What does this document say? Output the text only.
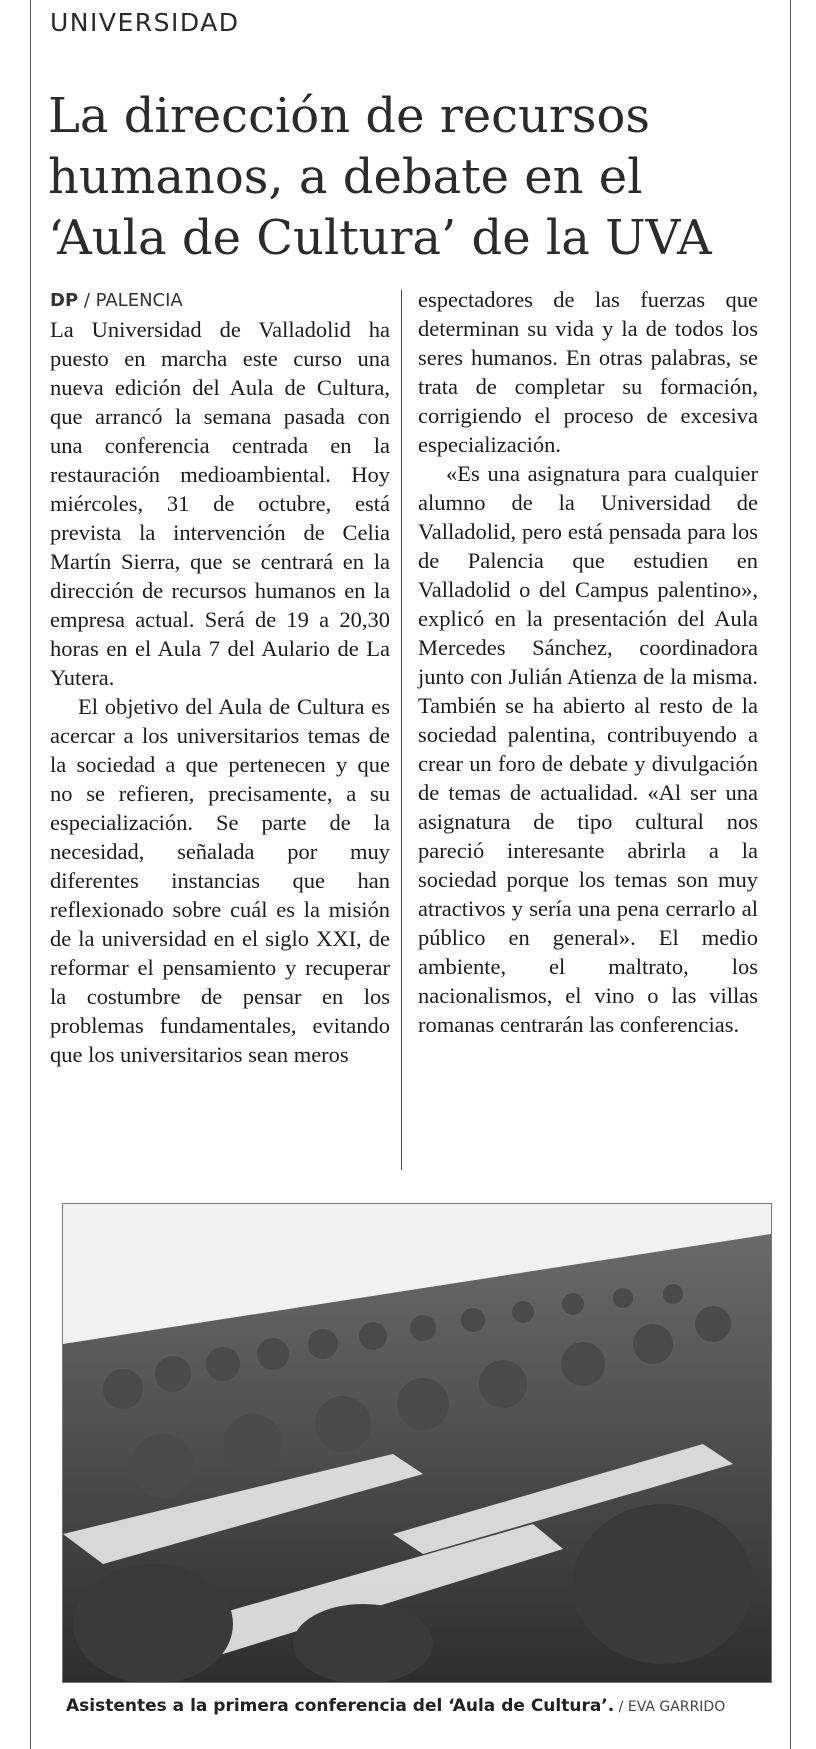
UNIVERSIDAD
La dirección de recursos humanos, a debate en el ‘Aula de Cultura’ de la UVA
DP / PALENCIA

La Universidad de Valladolid ha puesto en marcha este curso una nueva edición del Aula de Cultura, que arrancó la semana pasada con una conferencia centrada en la restauración medioambiental. Hoy miércoles, 31 de octubre, está prevista la intervención de Celia Martín Sierra, que se centrará en la dirección de recursos humanos en la empresa actual. Será de 19 a 20,30 horas en el Aula 7 del Aulario de La Yutera.

El objetivo del Aula de Cultura es acercar a los universitarios temas de la sociedad a que pertenecen y que no se refieren, precisamente, a su especialización. Se parte de la necesidad, señalada por muy diferentes instancias que han reflexionado sobre cuál es la misión de la universidad en el siglo XXI, de reformar el pensamiento y recuperar la costumbre de pensar en los problemas fundamentales, evitando que los universitarios sean meros

espectadores de las fuerzas que determinan su vida y la de todos los seres humanos. En otras palabras, se trata de completar su formación, corrigiendo el proceso de excesiva especialización.

«Es una asignatura para cualquier alumno de la Universidad de Valladolid, pero está pensada para los de Palencia que estudien en Valladolid o del Campus palentino», explicó en la presentación del Aula Mercedes Sánchez, coordinadora junto con Julián Atienza de la misma. También se ha abierto al resto de la sociedad palentina, contribuyendo a crear un foro de debate y divulgación de temas de actualidad. «Al ser una asignatura de tipo cultural nos pareció interesante abrirla a la sociedad porque los temas son muy atractivos y sería una pena cerrarlo al público en general». El medio ambiente, el maltrato, los nacionalismos, el vino o las villas romanas centrarán las conferencias.

Asistentes a la primera conferencia del ‘Aula de Cultura’. / EVA GARRIDO
